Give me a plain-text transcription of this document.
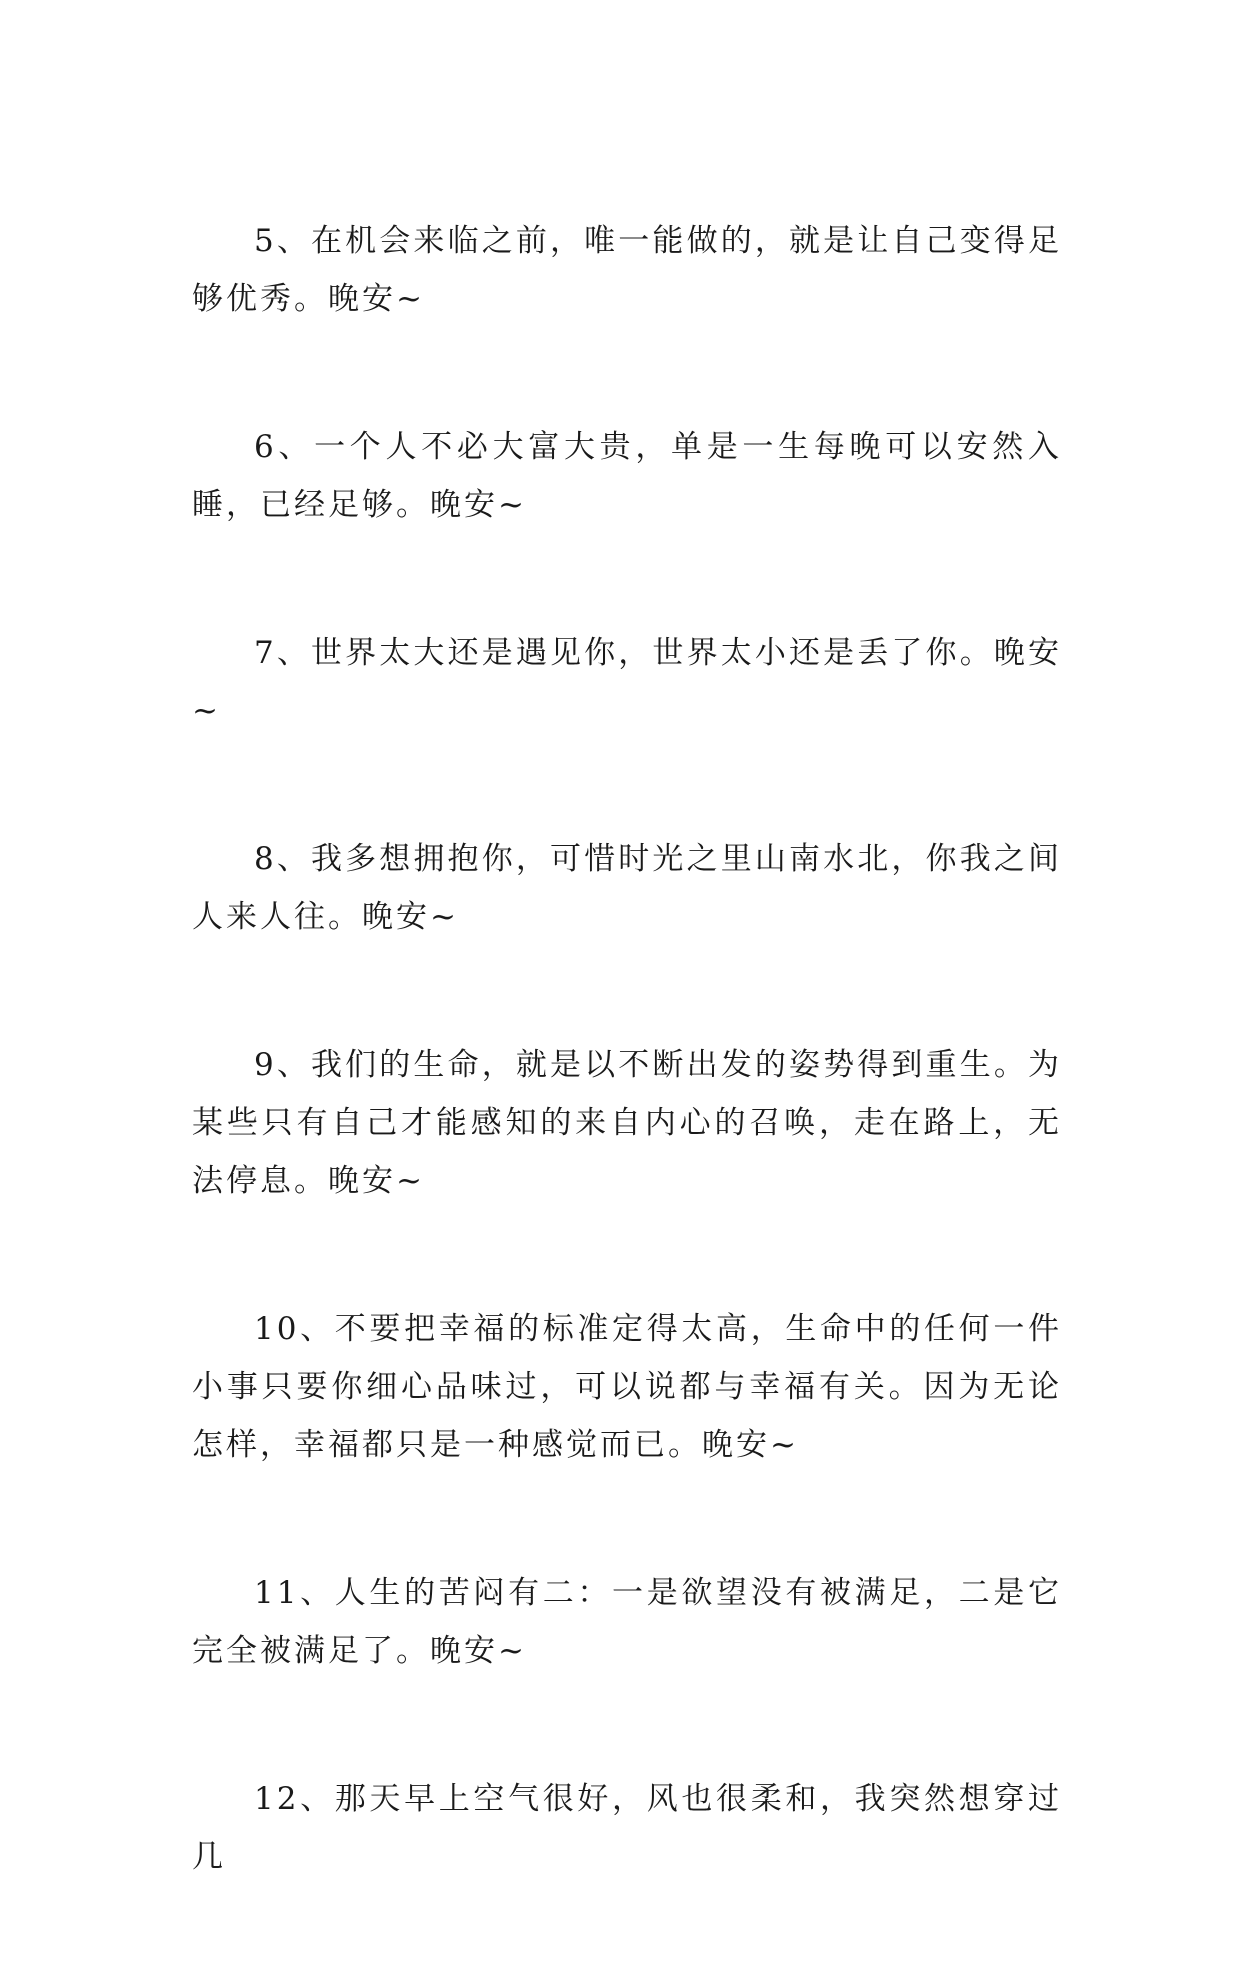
5、在机会来临之前，唯一能做的，就是让自己变得足够优秀。晚安~

6、一个人不必大富大贵，单是一生每晚可以安然入睡，已经足够。晚安~

7、世界太大还是遇见你，世界太小还是丢了你。晚安~

8、我多想拥抱你，可惜时光之里山南水北，你我之间人来人往。晚安~

9、我们的生命，就是以不断出发的姿势得到重生。为某些只有自己才能感知的来自内心的召唤，走在路上，无法停息。晚安~

10、不要把幸福的标准定得太高，生命中的任何一件小事只要你细心品味过，可以说都与幸福有关。因为无论怎样，幸福都只是一种感觉而已。晚安~

11、人生的苦闷有二：一是欲望没有被满足，二是它完全被满足了。晚安~

12、那天早上空气很好，风也很柔和，我突然想穿过几
